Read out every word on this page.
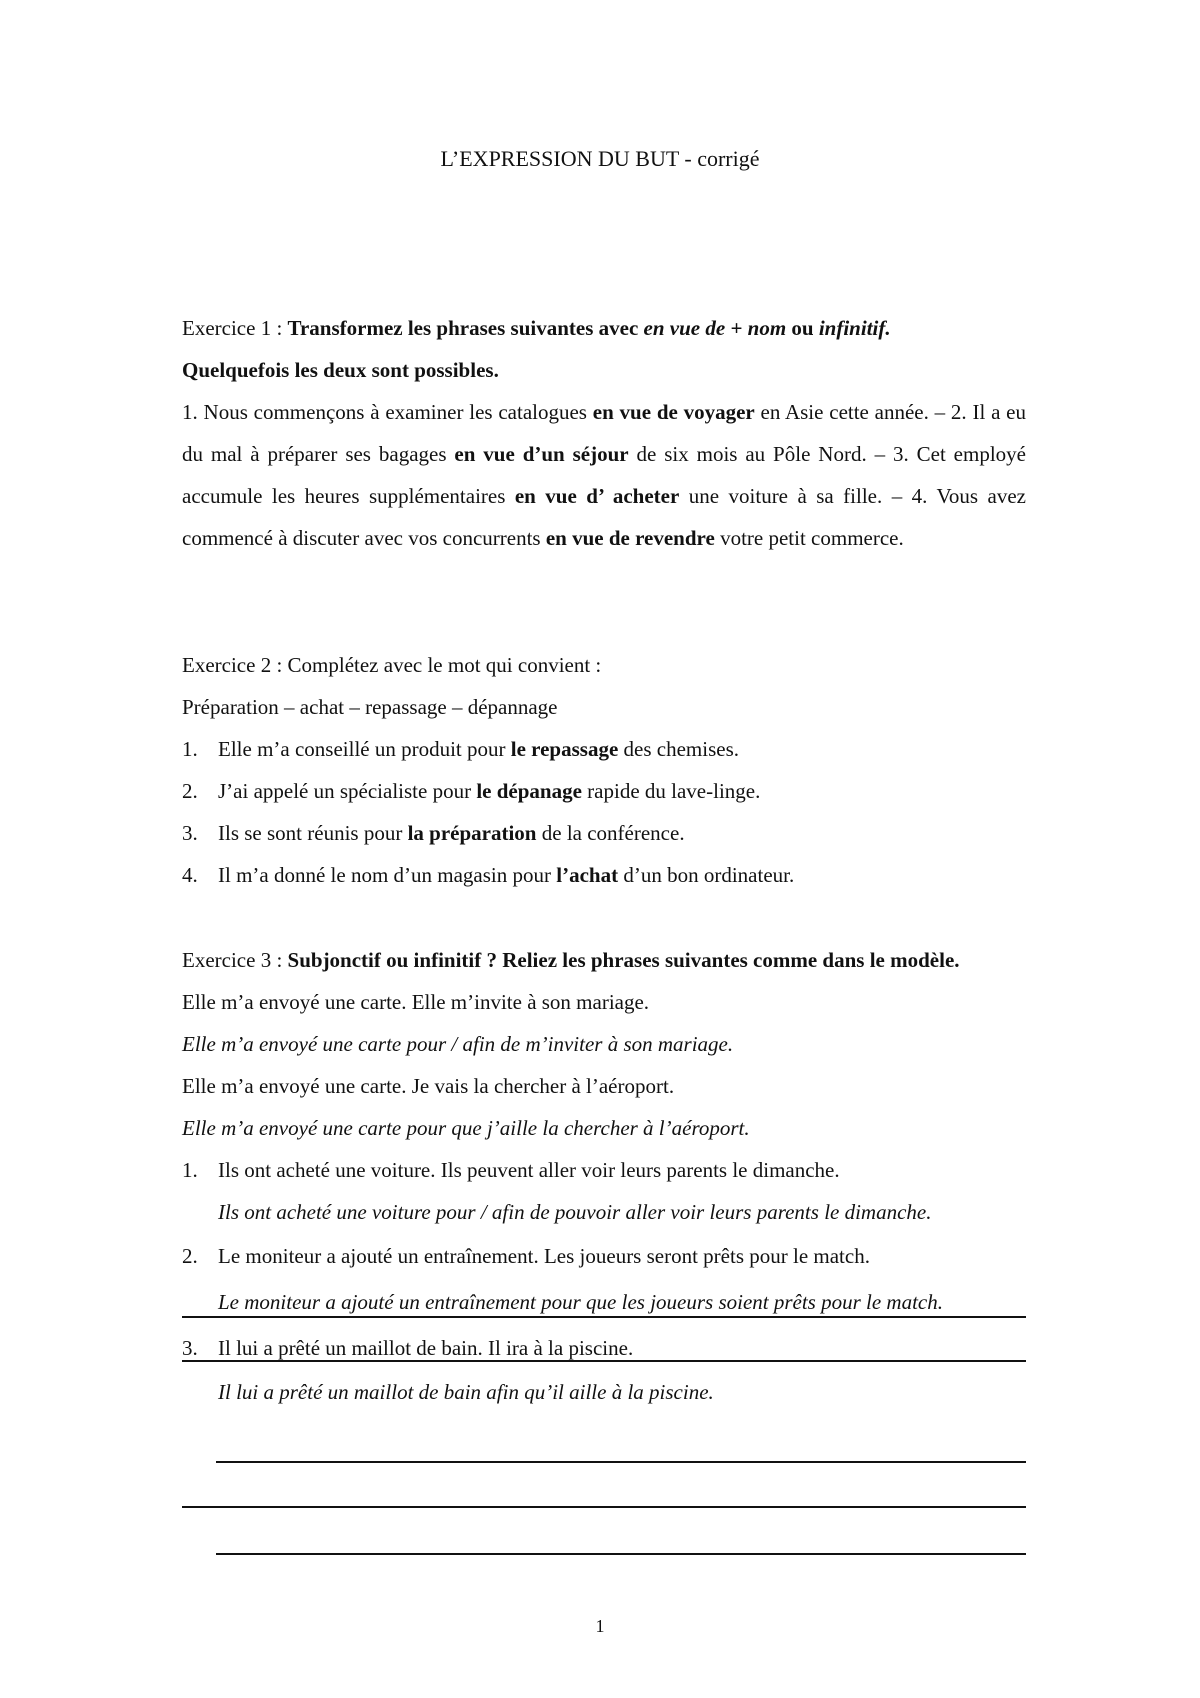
L’EXPRESSION DU BUT - corrigé
Exercice 1 : Transformez les phrases suivantes avec en vue de + nom ou infinitif.
Quelquefois les deux sont possibles.
1. Nous commençons à examiner les catalogues en vue de voyager en Asie cette année. – 2. Il a eu du mal à préparer ses bagages en vue d’un séjour de six mois au Pôle Nord. – 3. Cet employé accumule les heures supplémentaires en vue d’ acheter une voiture à sa fille. – 4. Vous avez commencé à discuter avec vos concurrents en vue de revendre votre petit commerce.
Exercice 2 : Complétez avec le mot qui convient :
Préparation – achat – repassage – dépannage
1. Elle m’a conseillé un produit pour le repassage des chemises.
2. J’ai appelé un spécialiste pour le dépanage rapide du lave-linge.
3. Ils se sont réunis pour la préparation de la conférence.
4. Il m’a donné le nom d’un magasin pour l’achat d’un bon ordinateur.
Exercice 3 : Subjonctif ou infinitif ? Reliez les phrases suivantes comme dans le modèle.
Elle m’a envoyé une carte. Elle m’invite à son mariage.
Elle m’a envoyé une carte pour / afin de m’inviter à son mariage.
Elle m’a envoyé une carte. Je vais la chercher à l’aéroport.
Elle m’a envoyé une carte pour que j’aille la chercher à l’aéroport.
1. Ils ont acheté une voiture. Ils peuvent aller voir leurs parents le dimanche.
Ils ont acheté une voiture pour / afin de pouvoir aller voir leurs parents le dimanche.
2. Le moniteur a ajouté un entraînement. Les joueurs seront prêts pour le match.
Le moniteur a ajouté un entraînement pour que les joueurs soient prêts pour le match.
3. Il lui a prêté un maillot de bain. Il ira à la piscine.
Il lui a prêté un maillot de bain afin qu’il aille à la piscine.
1
